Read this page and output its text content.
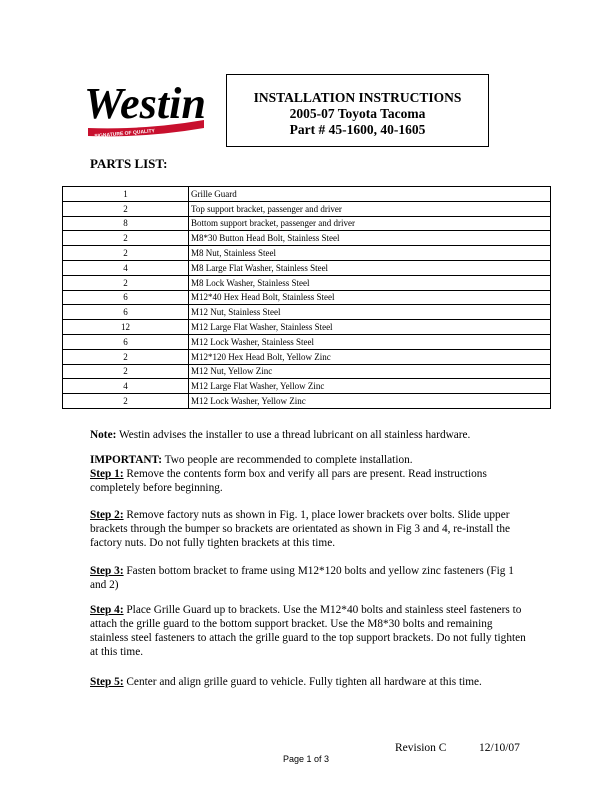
Westin
SIGNATURE OF QUALITY
INSTALLATION INSTRUCTIONS
2005-07 Toyota Tacoma
Part # 45-1600, 40-1605
PARTS LIST:
1	Grille Guard
2	Top support bracket, passenger and driver
8	Bottom support bracket, passenger and driver
2	M8*30 Button Head Bolt, Stainless Steel
2	M8 Nut, Stainless Steel
4	M8 Large Flat Washer, Stainless Steel
2	M8 Lock Washer, Stainless Steel
6	M12*40 Hex Head Bolt, Stainless Steel
6	M12 Nut, Stainless Steel
12	M12 Large Flat Washer, Stainless Steel
6	M12 Lock Washer, Stainless Steel
2	M12*120 Hex Head Bolt, Yellow Zinc
2	M12 Nut, Yellow Zinc
4	M12 Large Flat Washer, Yellow Zinc
2	M12 Lock Washer, Yellow Zinc
Note: Westin advises the installer to use a thread lubricant on all stainless hardware.
IMPORTANT: Two people are recommended to complete installation.
Step 1: Remove the contents form box and verify all pars are present. Read instructions completely before beginning.
Step 2: Remove factory nuts as shown in Fig. 1, place lower brackets over bolts. Slide upper brackets through the bumper so brackets are orientated as shown in Fig 3 and 4, re-install the factory nuts. Do not fully tighten brackets at this time.
Step 3: Fasten bottom bracket to frame using M12*120 bolts and yellow zinc fasteners (Fig 1 and 2)
Step 4: Place Grille Guard up to brackets. Use the M12*40 bolts and stainless steel fasteners to attach the grille guard to the bottom support bracket. Use the M8*30 bolts and remaining stainless steel fasteners to attach the grille guard to the top support brackets. Do not fully tighten at this time.
Step 5: Center and align grille guard to vehicle. Fully tighten all hardware at this time.
Revision C	12/10/07
Page 1 of 3
